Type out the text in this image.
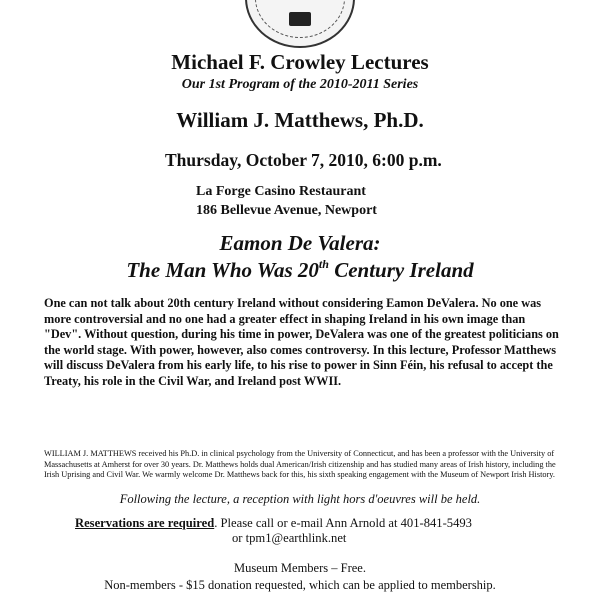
Michael F. Crowley Lectures
Our 1st Program of the 2010-2011 Series
William J. Matthews, Ph.D.
Thursday, October 7, 2010, 6:00 p.m.
La Forge Casino Restaurant
186 Bellevue Avenue, Newport
Eamon De Valera:
The Man Who Was 20th Century Ireland
One can not talk about 20th century Ireland without considering Eamon DeValera. No one was more controversial and no one had a greater effect in shaping Ireland in his own image than "Dev". Without question, during his time in power, DeValera was one of the greatest politicians on the world stage. With power, however, also comes controversy. In this lecture, Professor Matthews will discuss DeValera from his early life, to his rise to power in Sinn Féin, his refusal to accept the Treaty, his role in the Civil War, and Ireland post WWII.
WILLIAM J. MATTHEWS received his Ph.D. in clinical psychology from the University of Connecticut, and has been a professor with the University of Massachusetts at Amherst for over 30 years. Dr. Matthews holds dual American/Irish citizenship and has studied many areas of Irish history, including the Irish Uprising and Civil War. We warmly welcome Dr. Matthews back for this, his sixth speaking engagement with the Museum of Newport Irish History.
Following the lecture, a reception with light hors d'oeuvres will be held.
Reservations are required. Please call or e-mail Ann Arnold at 401-841-5493
or tpm1@earthlink.net
Museum Members – Free.
Non-members - $15 donation requested, which can be applied to membership.
